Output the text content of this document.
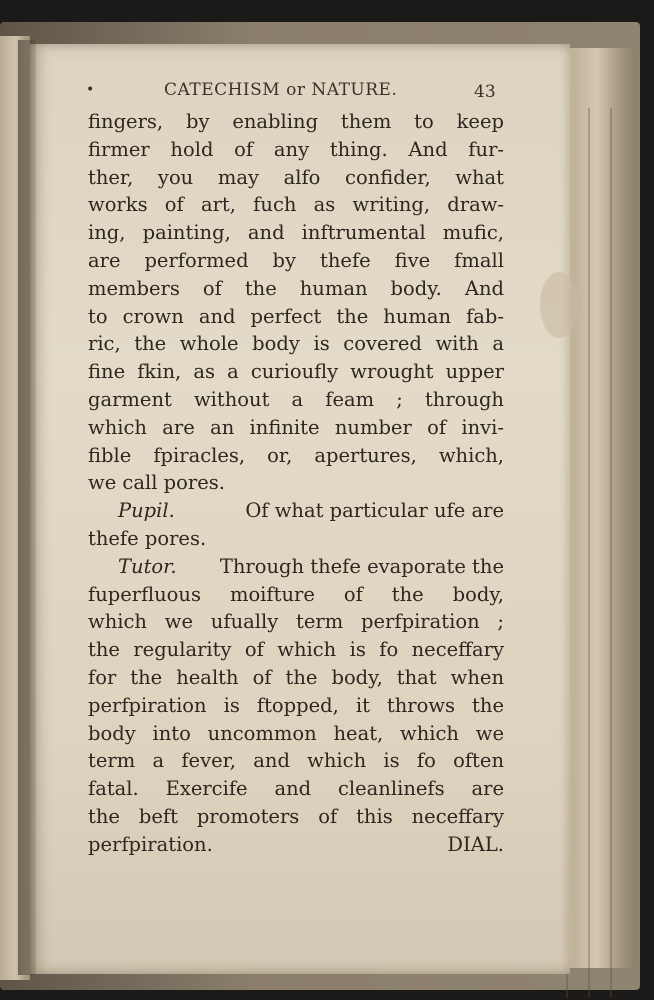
•	CATECHISM or NATURE.	43
fingers, by enabling them to keep
firmer hold of any thing. And fur-
ther, you may alfo confider, what
works of art, fuch as writing, draw-
ing, painting, and inftrumental mufic,
are performed by thefe five fmall
members of the human body. And
to crown and perfect the human fab-
ric, the whole body is covered with a
fine fkin, as a curioufly wrought upper
garment without a feam ; through
which are an infinite number of invi-
fible fpiracles, or, apertures, which,
we call pores.
Pupil.	Of what particular ufe are
thefe pores.
Tutor. Through thefe evaporate the
fuperfluous moifture of the body,
which we ufually term perfpiration ;
the regularity of which is fo neceffary
for the health of the body, that when
perfpiration is ftopped, it throws the
body into uncommon heat, which we
term a fever, and which is fo often
fatal. Exercife and cleanlinefs are
the beft promoters of this neceffary
perfpiration.	DIAL.
